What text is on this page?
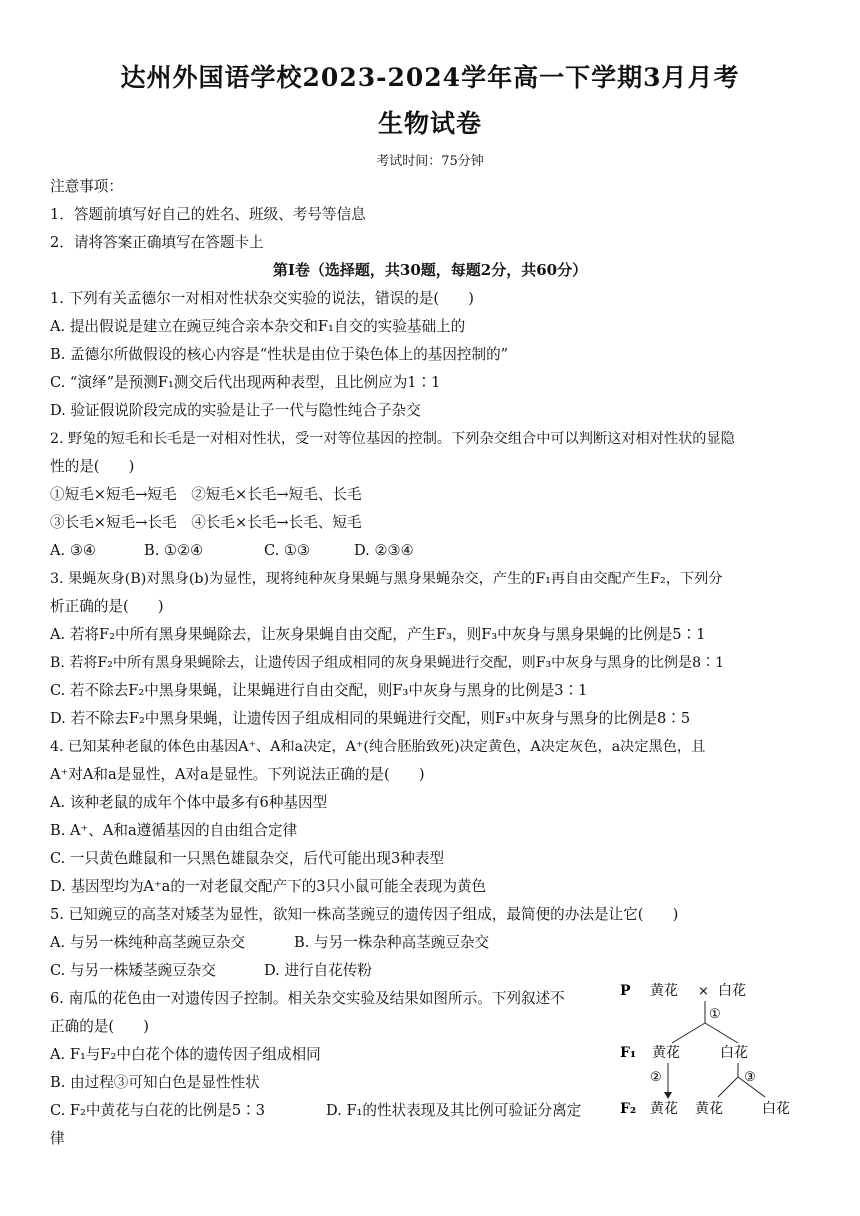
达州外国语学校2023-2024学年高一下学期3月月考
生物试卷
考试时间：75分钟
注意事项：
1．答题前填写好自己的姓名、班级、考号等信息
2．请将答案正确填写在答题卡上
第Ⅰ卷（选择题，共30题，每题2分，共60分）
1. 下列有关孟德尔一对相对性状杂交实验的说法，错误的是(　　)
A. 提出假说是建立在豌豆纯合亲本杂交和F₁自交的实验基础上的
B. 孟德尔所做假设的核心内容是“性状是由位于染色体上的基因控制的”
C. “演绎”是预测F₁测交后代出现两种表型，且比例应为1∶1
D. 验证假说阶段完成的实验是让子一代与隐性纯合子杂交
2. 野兔的短毛和长毛是一对相对性状，受一对等位基因的控制。下列杂交组合中可以判断这对相对性状的显隐
性的是(　　)
①短毛×短毛→短毛　②短毛×长毛→短毛、长毛
③长毛×短毛→长毛　④长毛×长毛→长毛、短毛
A. ③④	B. ①②④	C. ①③	D. ②③④
3. 果蝇灰身(B)对黑身(b)为显性，现将纯种灰身果蝇与黑身果蝇杂交，产生的F₁再自由交配产生F₂，下列分
析正确的是(　　)
A. 若将F₂中所有黑身果蝇除去，让灰身果蝇自由交配，产生F₃，则F₃中灰身与黑身果蝇的比例是5∶1
B. 若将F₂中所有黑身果蝇除去，让遗传因子组成相同的灰身果蝇进行交配，则F₃中灰身与黑身的比例是8∶1
C. 若不除去F₂中黑身果蝇，让果蝇进行自由交配，则F₃中灰身与黑身的比例是3∶1
D. 若不除去F₂中黑身果蝇，让遗传因子组成相同的果蝇进行交配，则F₃中灰身与黑身的比例是8∶5
4. 已知某种老鼠的体色由基因A⁺、A和a决定，A⁺(纯合胚胎致死)决定黄色，A决定灰色，a决定黑色，且
A⁺对A和a是显性，A对a是显性。下列说法正确的是(　　)
A. 该种老鼠的成年个体中最多有6种基因型
B. A⁺、A和a遵循基因的自由组合定律
C. 一只黄色雌鼠和一只黑色雄鼠杂交，后代可能出现3种表型
D. 基因型均为A⁺a的一对老鼠交配产下的3只小鼠可能全表现为黄色
5. 已知豌豆的高茎对矮茎为显性，欲知一株高茎豌豆的遗传因子组成，最简便的办法是让它(　　)
A. 与另一株纯种高茎豌豆杂交	B. 与另一株杂种高茎豌豆杂交
C. 与另一株矮茎豌豆杂交	D. 进行自花传粉
6. 南瓜的花色由一对遗传因子控制。相关杂交实验及结果如图所示。下列叙述不
正确的是(　　)
A. F₁与F₂中白花个体的遗传因子组成相同
B. 由过程③可知白色是显性性状
C. F₂中黄花与白花的比例是5∶3	D. F₁的性状表现及其比例可验证分离定
律
P 黄花 × 白花
①
F₁ 黄花	白花
②	③
F₂ 黄花 黄花	白花
